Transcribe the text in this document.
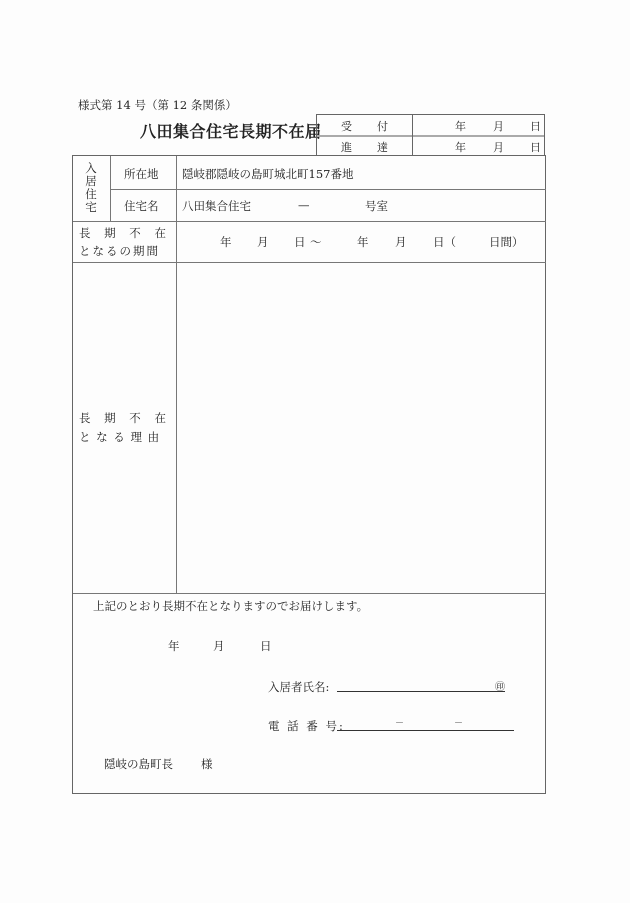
様式第 14 号（第 12 条関係）
八田集合住宅長期不在届 受 付	年 月 日
進 達	年 月 日
入
居
住
宅
所在地 隠岐郡隠岐の島町城北町157番地
住宅名 八田集合住宅	—	号室
長 期 不 在
となるの期間
年 月 日 ～	年 月 日（	日間）
長 期 不 在
と な る 理 由
上記のとおり長期不在となりますのでお届けします。
年	月	日
入居者氏名:	㊞
電 話 番 号:	－	－
隠岐の島町長 様
